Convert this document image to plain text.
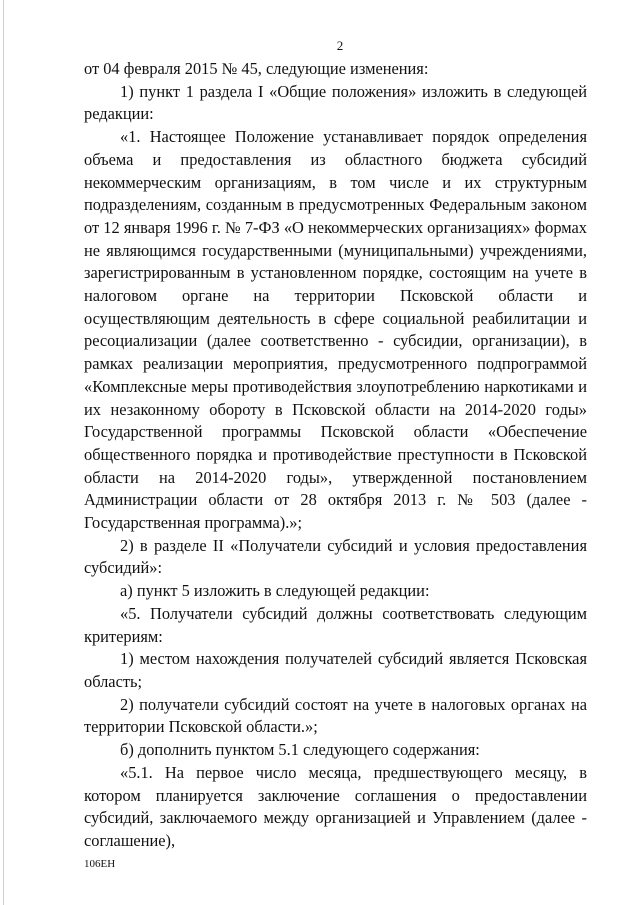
2

от 04 февраля 2015 № 45, следующие изменения:

1) пункт 1 раздела I «Общие положения» изложить в следующей редакции:

«1. Настоящее Положение устанавливает порядок определения объема и предоставления из областного бюджета субсидий некоммерческим организациям, в том числе и их структурным подразделениям, созданным в предусмотренных Федеральным законом от 12 января 1996 г. № 7-ФЗ «О некоммерческих организациях» формах не являющимся государственными (муниципальными) учреждениями, зарегистрированным в установленном порядке, состоящим на учете в налоговом органе на территории Псковской области и осуществляющим деятельность в сфере социальной реабилитации и ресоциализации (далее соответственно - субсидии, организации), в рамках реализации мероприятия, предусмотренного подпрограммой «Комплексные меры противодействия злоупотреблению наркотиками и их незаконному обороту в Псковской области на 2014-2020 годы» Государственной программы Псковской области «Обеспечение общественного порядка и противодействие преступности в Псковской области на 2014-2020 годы», утвержденной постановлением Администрации области от 28 октября 2013 г. № 503 (далее - Государственная программа).»;

2) в разделе II «Получатели субсидий и условия предоставления субсидий»:

а) пункт 5 изложить в следующей редакции:

«5. Получатели субсидий должны соответствовать следующим критериям:

1) местом нахождения получателей субсидий является Псковская область;

2) получатели субсидий состоят на учете в налоговых органах на территории Псковской области.»;

б) дополнить пунктом 5.1 следующего содержания:

«5.1. На первое число месяца, предшествующего месяцу, в котором планируется заключение соглашения о предоставлении субсидий, заключаемого между организацией и Управлением (далее - соглашение),

106ЕН
